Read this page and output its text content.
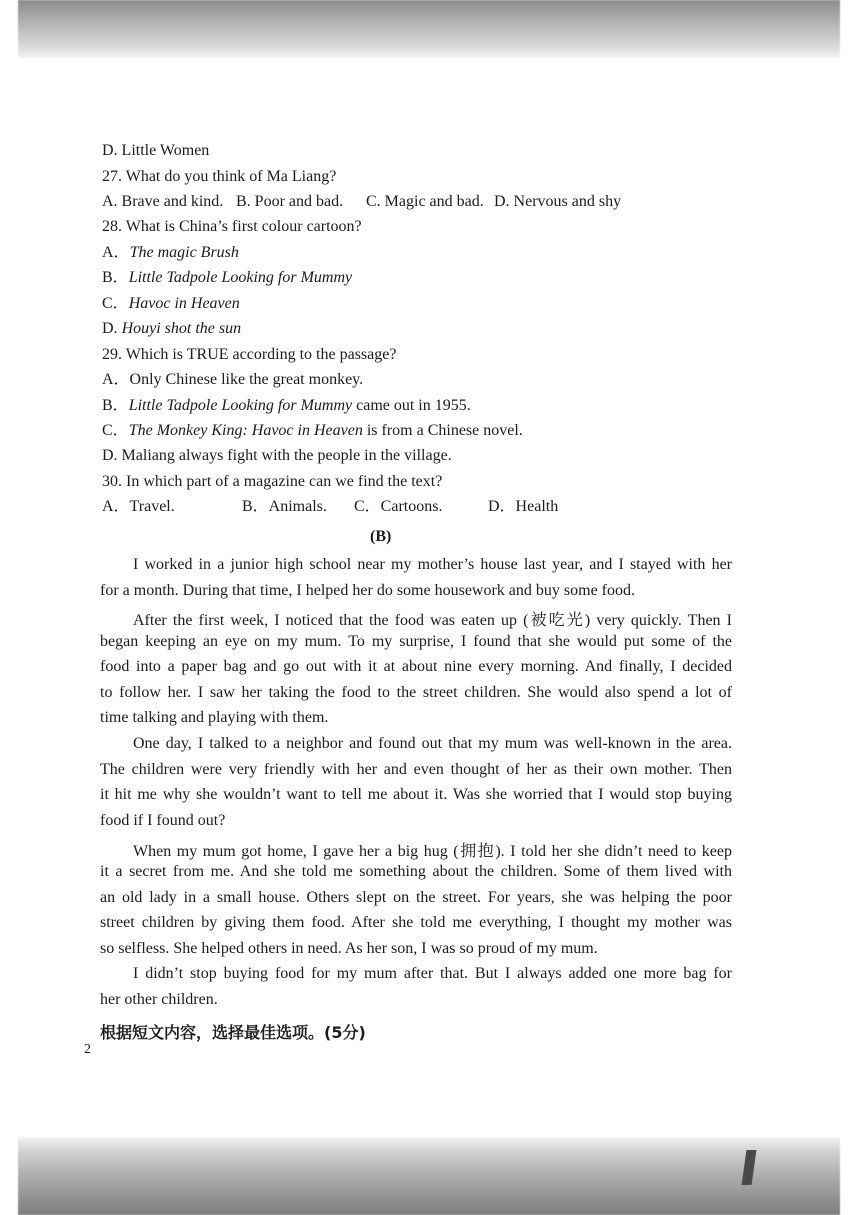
D. Little Women
27. What do you think of Ma Liang?
A. Brave and kind. B. Poor and bad. C. Magic and bad. D. Nervous and shy
28. What is China’s first colour cartoon?
A．The magic Brush
B．Little Tadpole Looking for Mummy
C．Havoc in Heaven
D. Houyi shot the sun
29. Which is TRUE according to the passage?
A．Only Chinese like the great monkey.
B．Little Tadpole Looking for Mummy came out in 1955.
C．The Monkey King: Havoc in Heaven is from a Chinese novel.
D. Maliang always fight with the people in the village.
30. In which part of a magazine can we find the text?
A．Travel.	B．Animals. C．Cartoons.	D．Health
(B)
I worked in a junior high school near my mother’s house last year, and I stayed with her
for a month. During that time, I helped her do some housework and buy some food.
After the first week, I noticed that the food was eaten up (被吃光) very quickly. Then I
began keeping an eye on my mum. To my surprise, I found that she would put some of the
food into a paper bag and go out with it at about nine every morning. And finally, I decided
to follow her. I saw her taking the food to the street children. She would also spend a lot of
time talking and playing with them.
One day, I talked to a neighbor and found out that my mum was well-known in the area.
The children were very friendly with her and even thought of her as their own mother. Then
it hit me why she wouldn’t want to tell me about it. Was she worried that I would stop buying
food if I found out?
When my mum got home, I gave her a big hug (拥抱). I told her she didn’t need to keep
it a secret from me. And she told me something about the children. Some of them lived with
an old lady in a small house. Others slept on the street. For years, she was helping the poor
street children by giving them food. After she told me everything, I thought my mother was
so selfless. She helped others in need. As her son, I was so proud of my mum.
I didn’t stop buying food for my mum after that. But I always added one more bag for
her other children.
根据短文内容，选择最佳选项。(5分)
2
